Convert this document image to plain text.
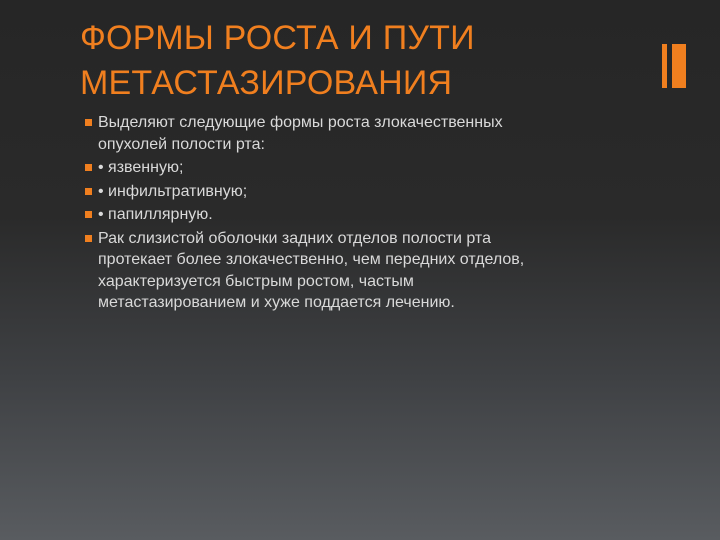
ФОРМЫ РОСТА И ПУТИ
МЕТАСТАЗИРОВАНИЯ
Выделяют следующие формы роста злокачественных
опухолей полости рта:
• язвенную;
• инфильтративную;
• папиллярную.
Рак слизистой оболочки задних отделов полости рта
протекает более злокачественно, чем передних отделов,
характеризуется быстрым ростом, частым
метастазированием и хуже поддается лечению.
